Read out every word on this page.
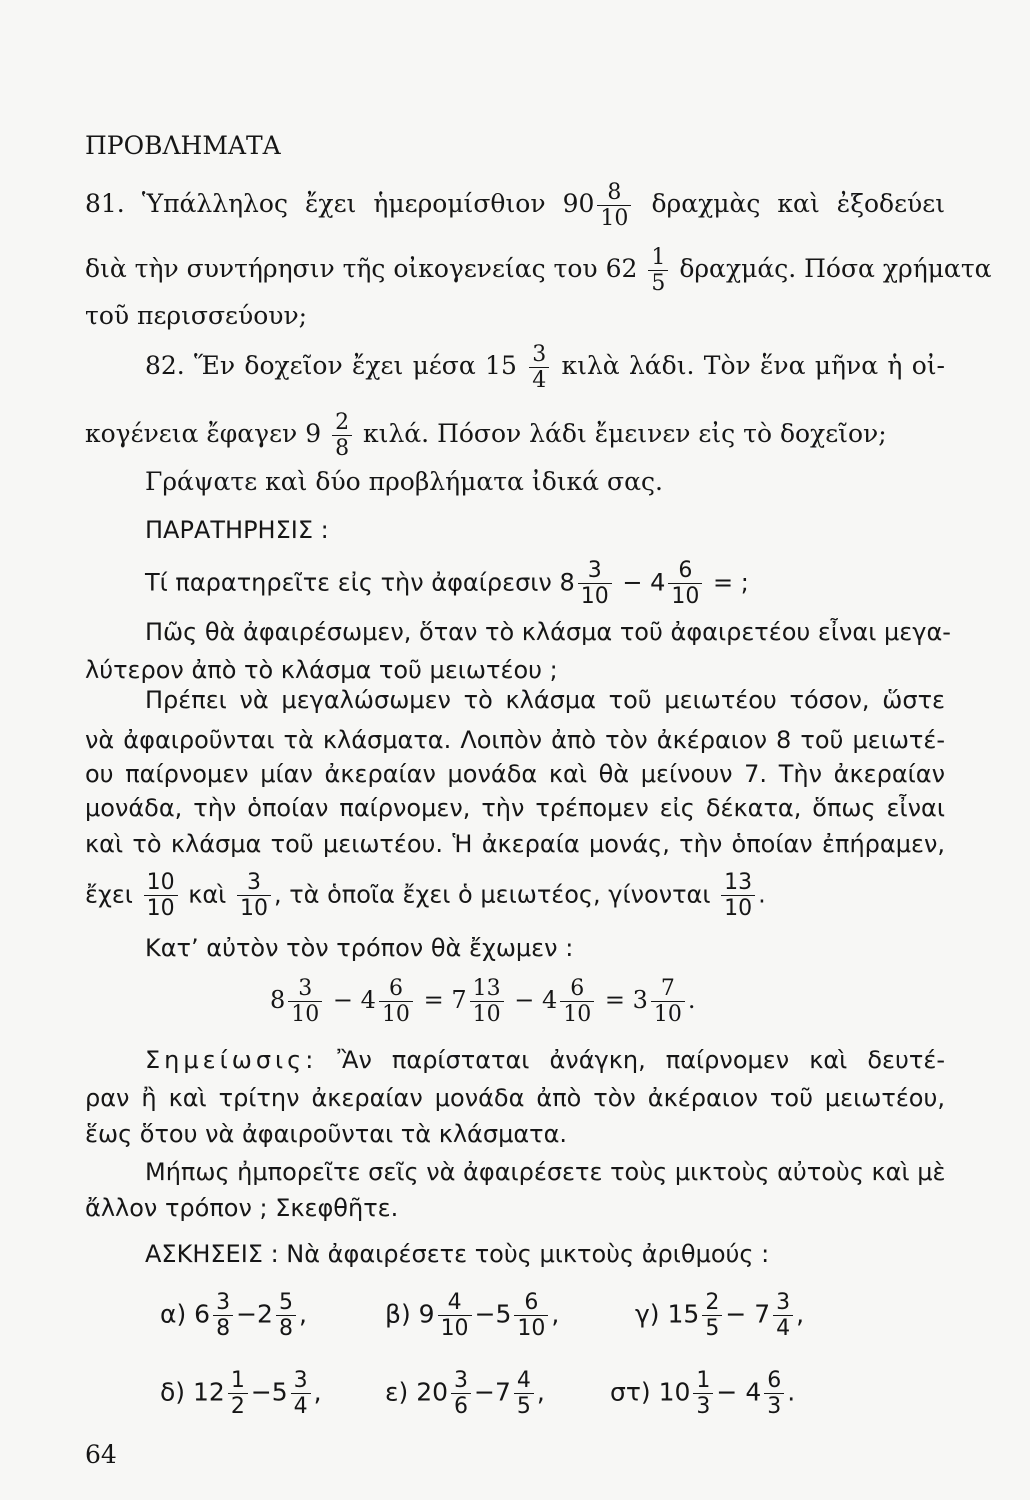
ΠΡΟΒΛΗΜΑΤΑ
81. Ὑπάλληλος ἔχει ἡμερομίσθιον $90 \frac{8}{10}$ δραχμὰς καὶ ἐξοδεύει
διὰ τὴν συντήρησιν τῆς οἰκογενείας του $62 \frac{1}{5} \delta\rho\alpha\chi\mu ά\varsigma$. Πόσα χρήματα
τοῦ περισσεύουν;
82. Ἕν δοχεῖον ἔχει μέσα $15 \frac{3}{4}$ κιλὰ λάδι. Τὸν ἕνα μῆνα ἡ οἰ-
κογένεια ἔφαγεν $9 \frac{2}{8} \kappa\iota\lambda ά$. Πόσον λάδι ἔμεινεν εἰς τὸ δοχεῖον;
Γράψατε καὶ δύο προβλήματα ἰδικά σας.
ΠΑΡΑΤΗΡΗΣΙΣ :
Τί παρατηρεῖτε εἰς τὴν ἀφαίρεσιν $8 \frac{3}{10} - 4 \frac{6}{10}$ = ;
Πῶς θὰ ἀφαιρέσωμεν, ὅταν τὸ κλάσμα τοῦ ἀφαιρετέου εἶναι μεγα-
λύτερον ἀπὸ τὸ κλάσμα τοῦ μειωτέου ;
Πρέπει νὰ μεγαλώσωμεν τὸ κλάσμα τοῦ μειωτέου τόσον, ὥστε
νὰ ἀφαιροῦνται τὰ κλάσματα. Λοιπὸν ἀπὸ τὸν ἀκέραιον 8 τοῦ μειωτέ-
ου παίρνομεν μίαν ἀκεραίαν μονάδα καὶ θὰ μείνουν 7. Τὴν ἀκεραίαν
μονάδα, τὴν ὁποίαν παίρνομεν, τὴν τρέπομεν εἰς δέκατα, ὅπως εἶναι
καὶ τὸ κλάσμα τοῦ μειωτέου. Ἡ ἀκεραία μονάς, τὴν ὁποίαν ἐπήραμεν,
ἔχει $\frac{10}{10}$ καὶ $\frac{3}{10}$ , τὰ ὁποῖα ἔχει ὁ μειωτέος, γίνονται $\frac{13}{10}$ .
Κατ’ αὐτὸν τὸν τρόπον θὰ ἔχωμεν :
$8 \frac{3}{10} - 4 \frac{6}{10} = 7 \frac{13}{10} - 4 \frac{6}{10} = 3 \frac{7}{10}$ .
Σημείωσις: Ἂν παρίσταται ἀνάγκη, παίρνομεν καὶ δευτέ-
ραν ἢ καὶ τρίτην ἀκεραίαν μονάδα ἀπὸ τὸν ἀκέραιον τοῦ μειωτέου,
ἕως ὅτου νὰ ἀφαιροῦνται τὰ κλάσματα.
Μήπως ἠμπορεῖτε σεῖς νὰ ἀφαιρέσετε τοὺς μικτοὺς αὐτοὺς καὶ μὲ
ἄλλον τρόπον ; Σκεφθῆτε.
ΑΣΚΗΣΕΙΣ : Νὰ ἀφαιρέσετε τοὺς μικτοὺς ἀριθμούς :
α) $6 \frac{3}{8} -2 \frac{5}{8}$ ,	β) $9 \frac{4}{10} -5 \frac{6}{10}$ ,	γ) $15 \frac{2}{5} - 7 \frac{3}{4}$ ,
δ) $12 \frac{1}{2} -5 \frac{3}{4}$ ,	ε) $20 \frac{3}{6} -7 \frac{4}{5}$ ,	στ) $10 \frac{1}{3} - 4 \frac{6}{3}$ .
64
